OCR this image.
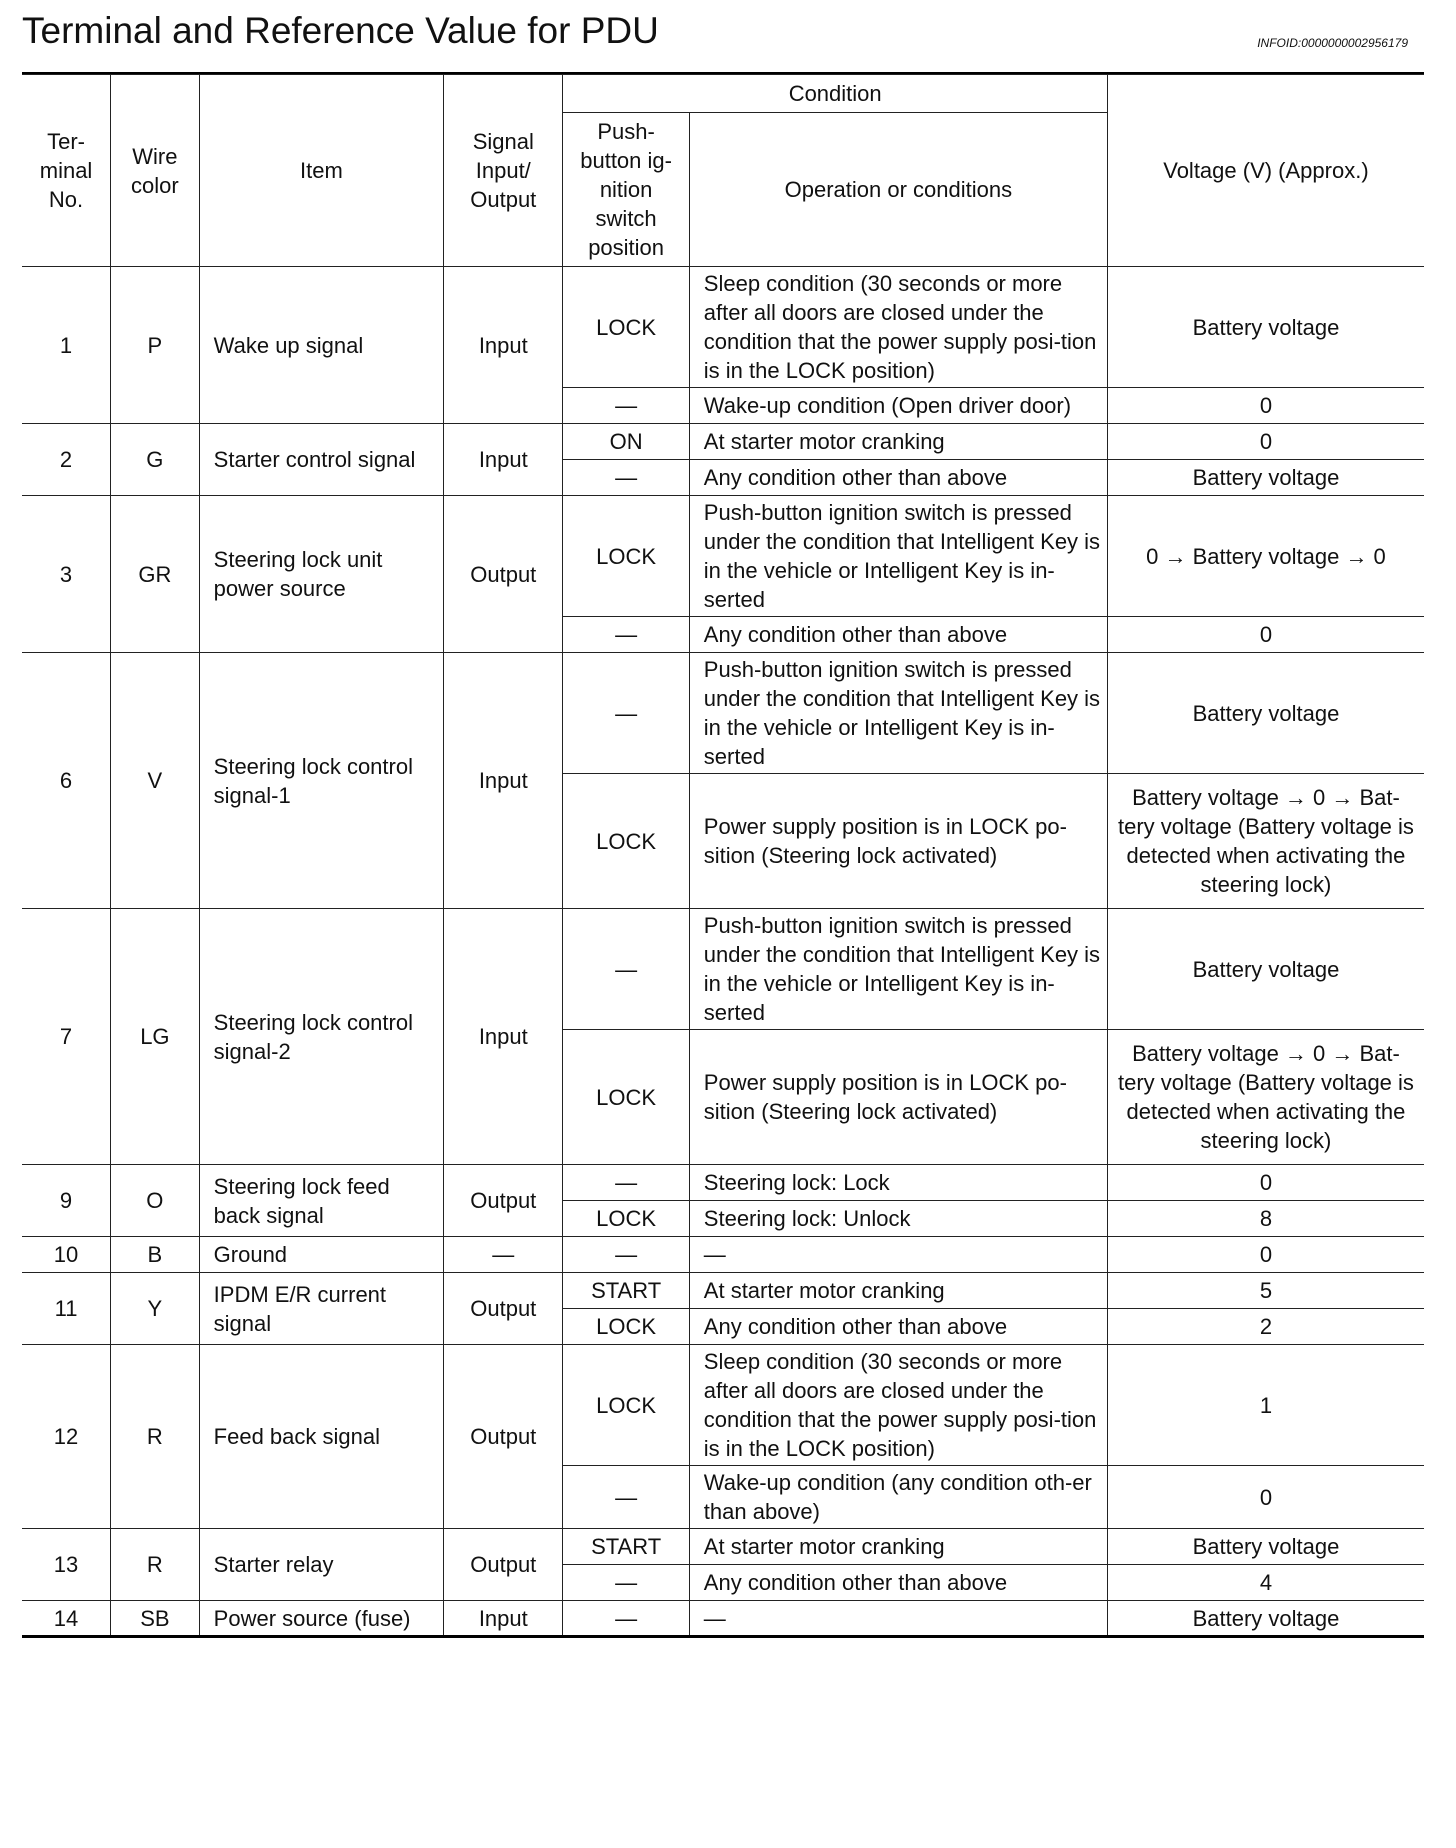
Terminal and Reference Value for PDU	INFOID:0000000002956179
Ter-minal No.	Wire color	Item	Signal Input/ Output	Condition		Voltage (V) (Approx.)
				Push-button ig-nition switch position	Operation or conditions	
1	P	Wake up signal	Input	LOCK	Sleep condition (30 seconds or more after all doors are closed under the condition that the power supply posi-tion is in the LOCK position)	Battery voltage
				—	Wake-up condition (Open driver door)	0
2	G	Starter control signal	Input	ON	At starter motor cranking	0
				—	Any condition other than above	Battery voltage
3	GR	Steering lock unit power source	Output	LOCK	Push-button ignition switch is pressed under the condition that Intelligent Key is in the vehicle or Intelligent Key is in-serted	0 → Battery voltage → 0
				—	Any condition other than above	0
6	V	Steering lock control signal-1	Input	—	Push-button ignition switch is pressed under the condition that Intelligent Key is in the vehicle or Intelligent Key is in-serted	Battery voltage
				LOCK	Power supply position is in LOCK po-sition (Steering lock activated)	Battery voltage → 0 → Bat-tery voltage (Battery voltage is detected when activating the steering lock)
7	LG	Steering lock control signal-2	Input	—	Push-button ignition switch is pressed under the condition that Intelligent Key is in the vehicle or Intelligent Key is in-serted	Battery voltage
				LOCK	Power supply position is in LOCK po-sition (Steering lock activated)	Battery voltage → 0 → Bat-tery voltage (Battery voltage is detected when activating the steering lock)
9	O	Steering lock feed back signal	Output	—	Steering lock: Lock	0
				LOCK	Steering lock: Unlock	8
10	B	Ground	—	—	—	0
11	Y	IPDM E/R current signal	Output	START	At starter motor cranking	5
				LOCK	Any condition other than above	2
12	R	Feed back signal	Output	LOCK	Sleep condition (30 seconds or more after all doors are closed under the condition that the power supply posi-tion is in the LOCK position)	1
				—	Wake-up condition (any condition oth-er than above)	0
13	R	Starter relay	Output	START	At starter motor cranking	Battery voltage
				—	Any condition other than above	4
14	SB	Power source (fuse)	Input	—	—	Battery voltage
